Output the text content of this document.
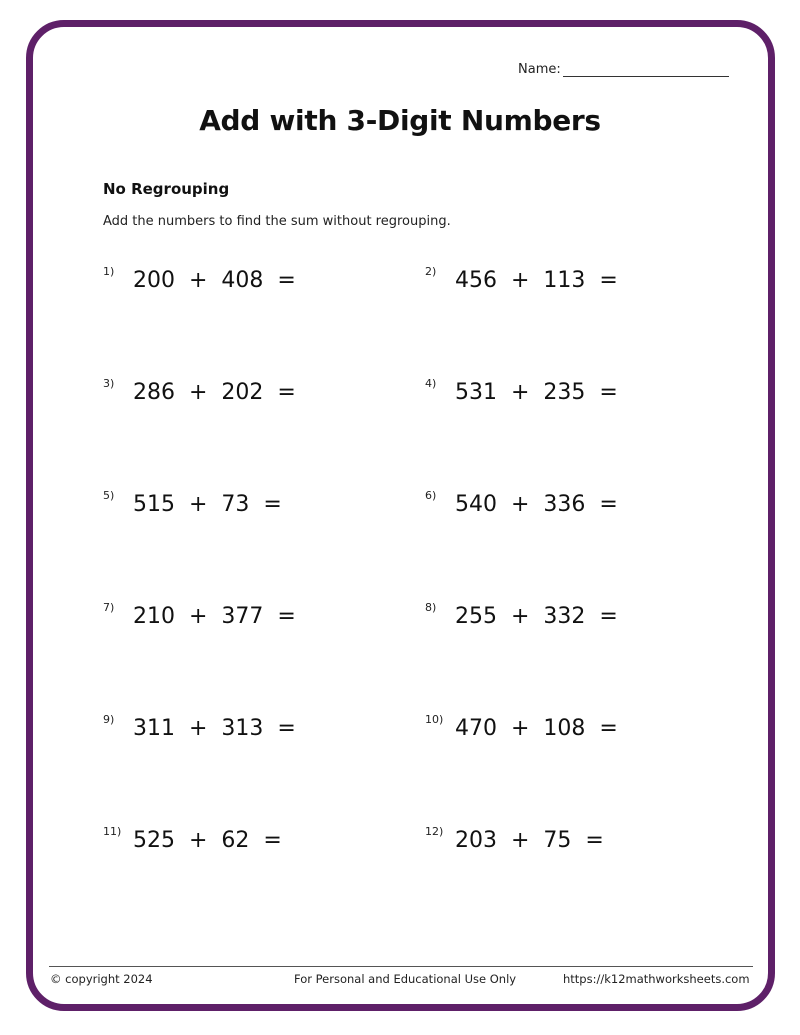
Name:
Add with 3-Digit Numbers
No Regrouping
Add the numbers to find the sum without regrouping.
1) 200  +  408  =	2) 456  +  113  =
3) 286  +  202  =	4) 531  +  235  =
5) 515  +  73  =	6) 540  +  336  =
7) 210  +  377  =	8) 255  +  332  =
9) 311  +  313  =	10) 470  +  108  =
11) 525  +  62  =	12) 203  +  75  =
© copyright 2024	For Personal and Educational Use Only	https://k12mathworksheets.com
